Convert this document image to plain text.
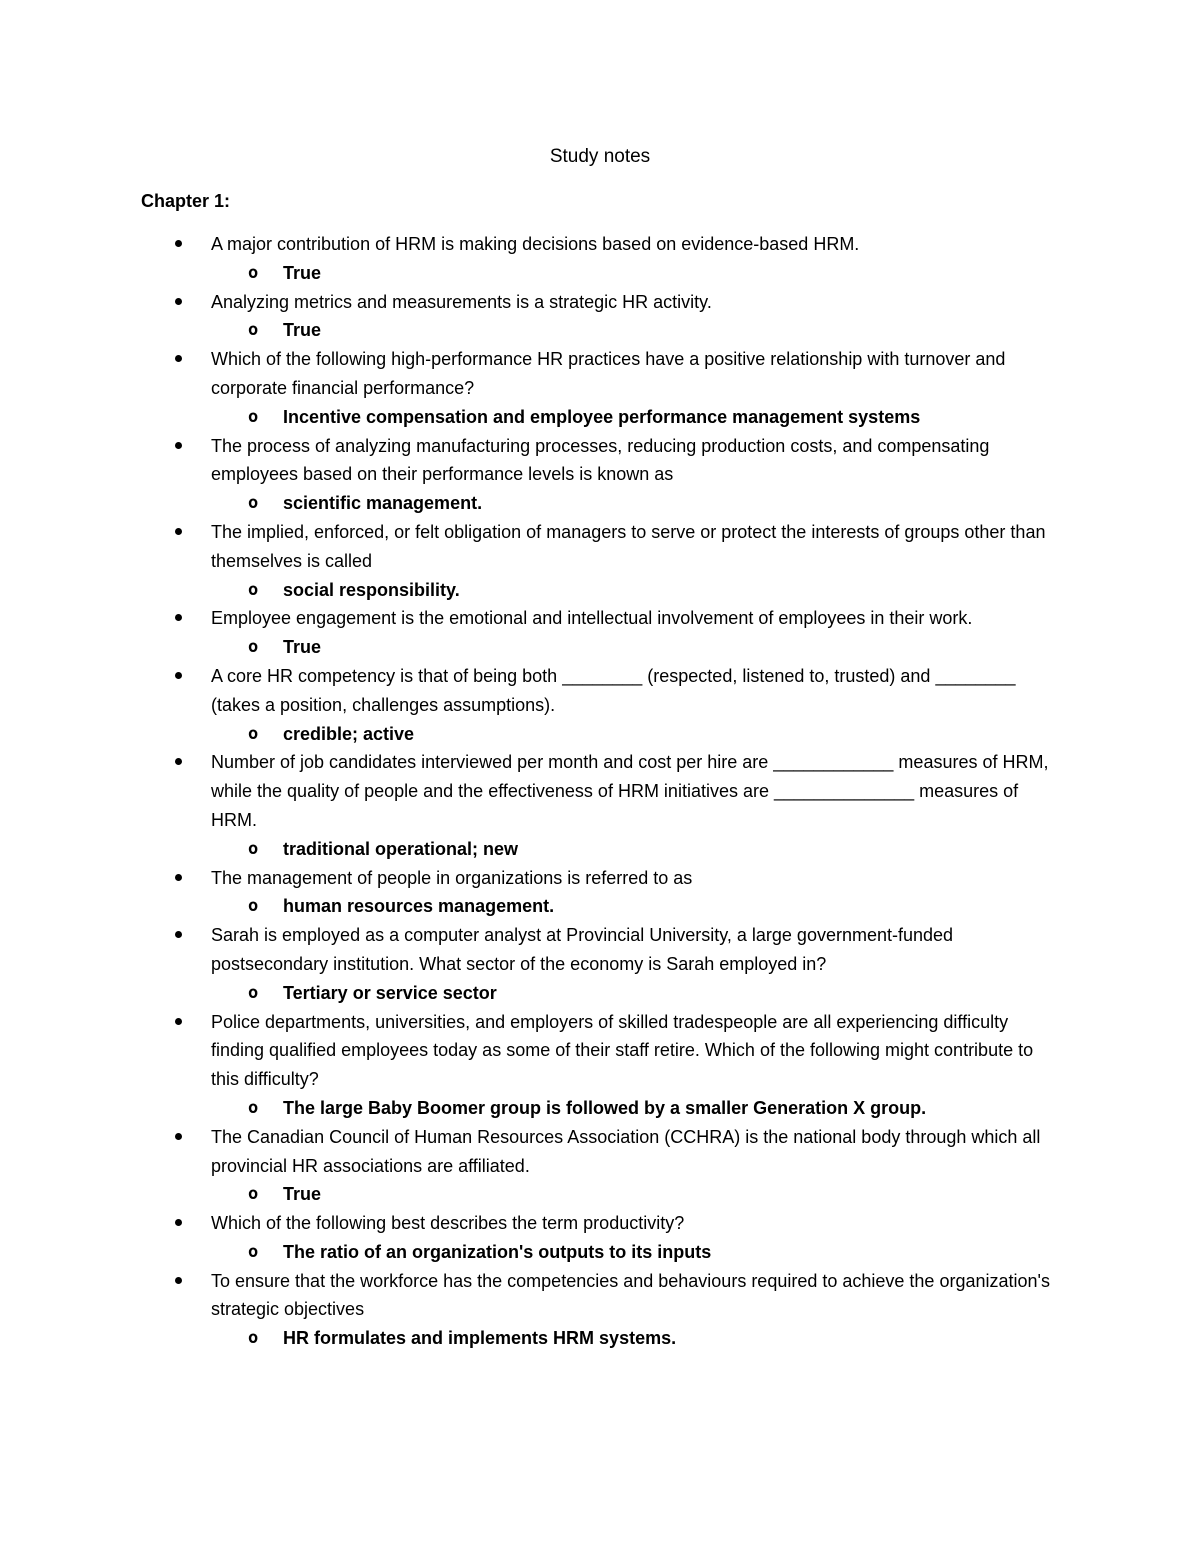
Study notes
Chapter 1:
A major contribution of HRM is making decisions based on evidence-based HRM.
o True
Analyzing metrics and measurements is a strategic HR activity.
o True
Which of the following high-performance HR practices have a positive relationship with turnover and corporate financial performance?
o Incentive compensation and employee performance management systems
The process of analyzing manufacturing processes, reducing production costs, and compensating employees based on their performance levels is known as
o scientific management.
The implied, enforced, or felt obligation of managers to serve or protect the interests of groups other than themselves is called
o social responsibility.
Employee engagement is the emotional and intellectual involvement of employees in their work.
o True
A core HR competency is that of being both ________ (respected, listened to, trusted) and ________ (takes a position, challenges assumptions).
o credible; active
Number of job candidates interviewed per month and cost per hire are ____________ measures of HRM, while the quality of people and the effectiveness of HRM initiatives are ______________ measures of HRM.
o traditional operational; new
The management of people in organizations is referred to as
o human resources management.
Sarah is employed as a computer analyst at Provincial University, a large government-funded postsecondary institution. What sector of the economy is Sarah employed in?
o Tertiary or service sector
Police departments, universities, and employers of skilled tradespeople are all experiencing difficulty finding qualified employees today as some of their staff retire. Which of the following might contribute to this difficulty?
o The large Baby Boomer group is followed by a smaller Generation X group.
The Canadian Council of Human Resources Association (CCHRA) is the national body through which all provincial HR associations are affiliated.
o True
Which of the following best describes the term productivity?
o The ratio of an organization's outputs to its inputs
To ensure that the workforce has the competencies and behaviours required to achieve the organization's strategic objectives
o HR formulates and implements HRM systems.
